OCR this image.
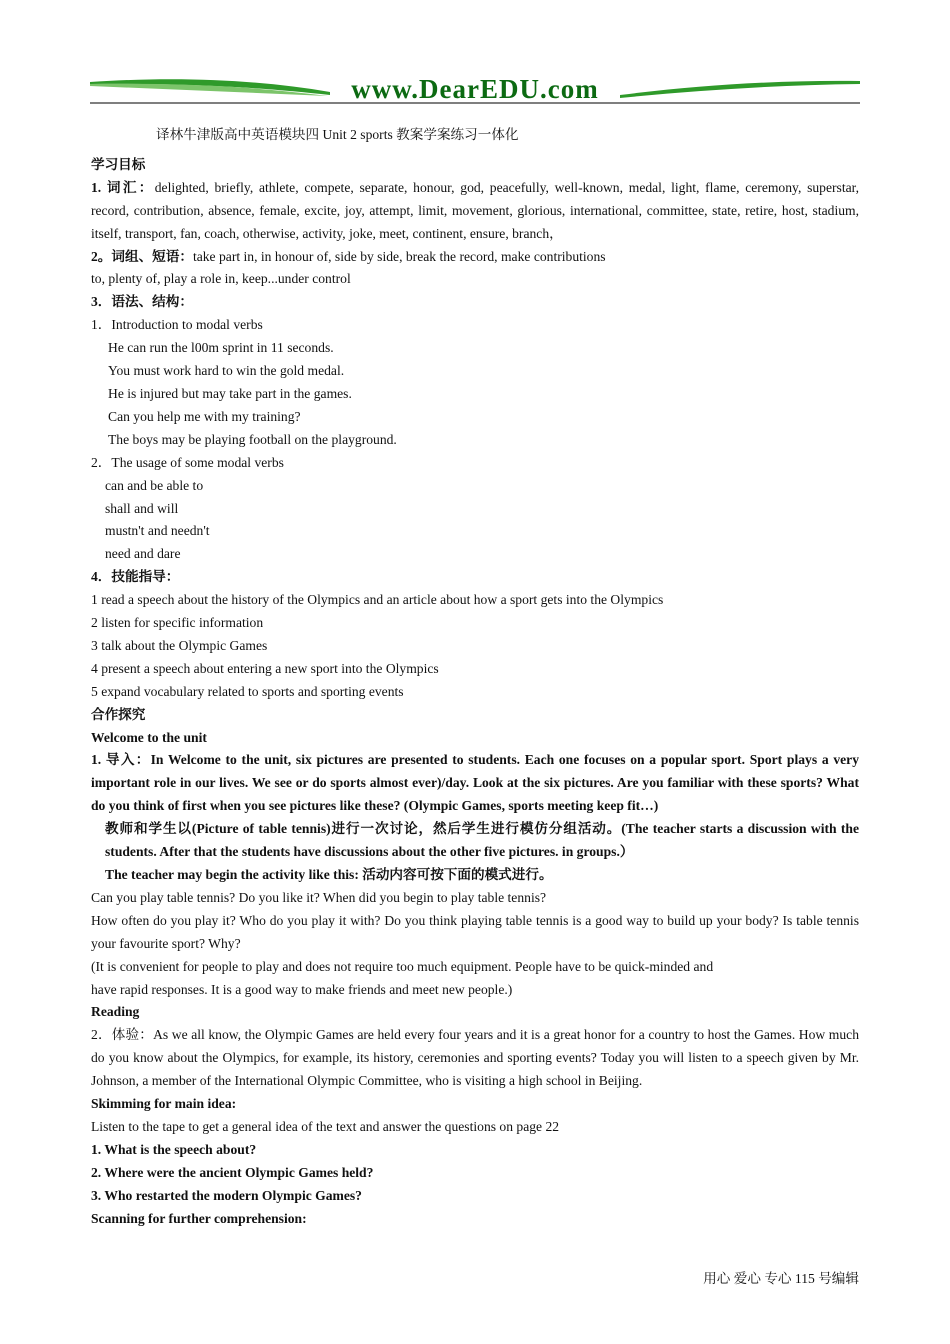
www.DearEDU.com

译林牛津版高中英语模块四 Unit 2 sports 教案学案练习一体化

学习目标

1. 词汇：delighted, briefly, athlete, compete, separate, honour, god, peacefully, well-known, medal, light, flame, ceremony, superstar, record, contribution, absence, female, excite, joy, attempt, limit, movement, glorious, international, committee, state, retire, host, stadium, itself, transport, fan, coach, otherwise, activity, joke, meet, continent, ensure, branch，

2。词组、短语：take part in, in honour of, side by side, break the record, make contributions

to, plenty of, play a role in, keep...under control

3．语法、结构：

1．Introduction to modal verbs

He can run the l00m sprint in 11 seconds.

You must work hard to win the gold medal.

He is injured but may take part in the games.

Can you help me with my training?

The boys may be playing football on the playground.

2．The usage of some modal verbs

can and be able to

shall and will

mustn't and needn't

need and dare

4．技能指导：

1 read a speech about the history of the Olympics and an article about how a sport gets into the Olympics

2 listen for specific information

3 talk about the Olympic Games

4 present a speech about entering a new sport into the Olympics

5 expand vocabulary related to sports and sporting events

合作探究

Welcome to the unit

1. 导入：In Welcome to the unit, six pictures are presented to students. Each one focuses on a popular sport. Sport plays a very important role in our lives. We see or do sports almost ever)/day. Look at the six pictures. Are you familiar with these sports? What do you think of first when you see pictures like these? (Olympic Games, sports meeting keep fit…)

教师和学生以(Picture of table tennis)进行一次讨论，然后学生进行模仿分组活动。(The teacher starts a discussion with the students. After that the students have discussions about the other five pictures. in groups.）

The teacher may begin the activity like this: 活动内容可按下面的模式进行。

Can you play table tennis? Do you like it? When did you begin to play table tennis?

How often do you play it? Who do you play it with? Do you think playing table tennis is a good way to build up your body? Is table tennis your favourite sport? Why?

(It is convenient for people to play and does not require too much equipment. People have to be quick-minded and

have rapid responses. It is a good way to make friends and meet new people.)

Reading

2．体验：As we all know, the Olympic Games are held every four years and it is a great honor for a country to host the Games. How much do you know about the Olympics, for example, its history, ceremonies and sporting events? Today you will listen to a speech given by Mr. Johnson, a member of the International Olympic Committee, who is visiting a high school in Beijing.

Skimming for main idea:

Listen to the tape to get a general idea of the text and answer the questions on page 22

1. What is the speech about?

2. Where were the ancient Olympic Games held?

3. Who restarted the modern Olympic Games?

Scanning for further comprehension:

用心 爱心 专心 115 号编辑
